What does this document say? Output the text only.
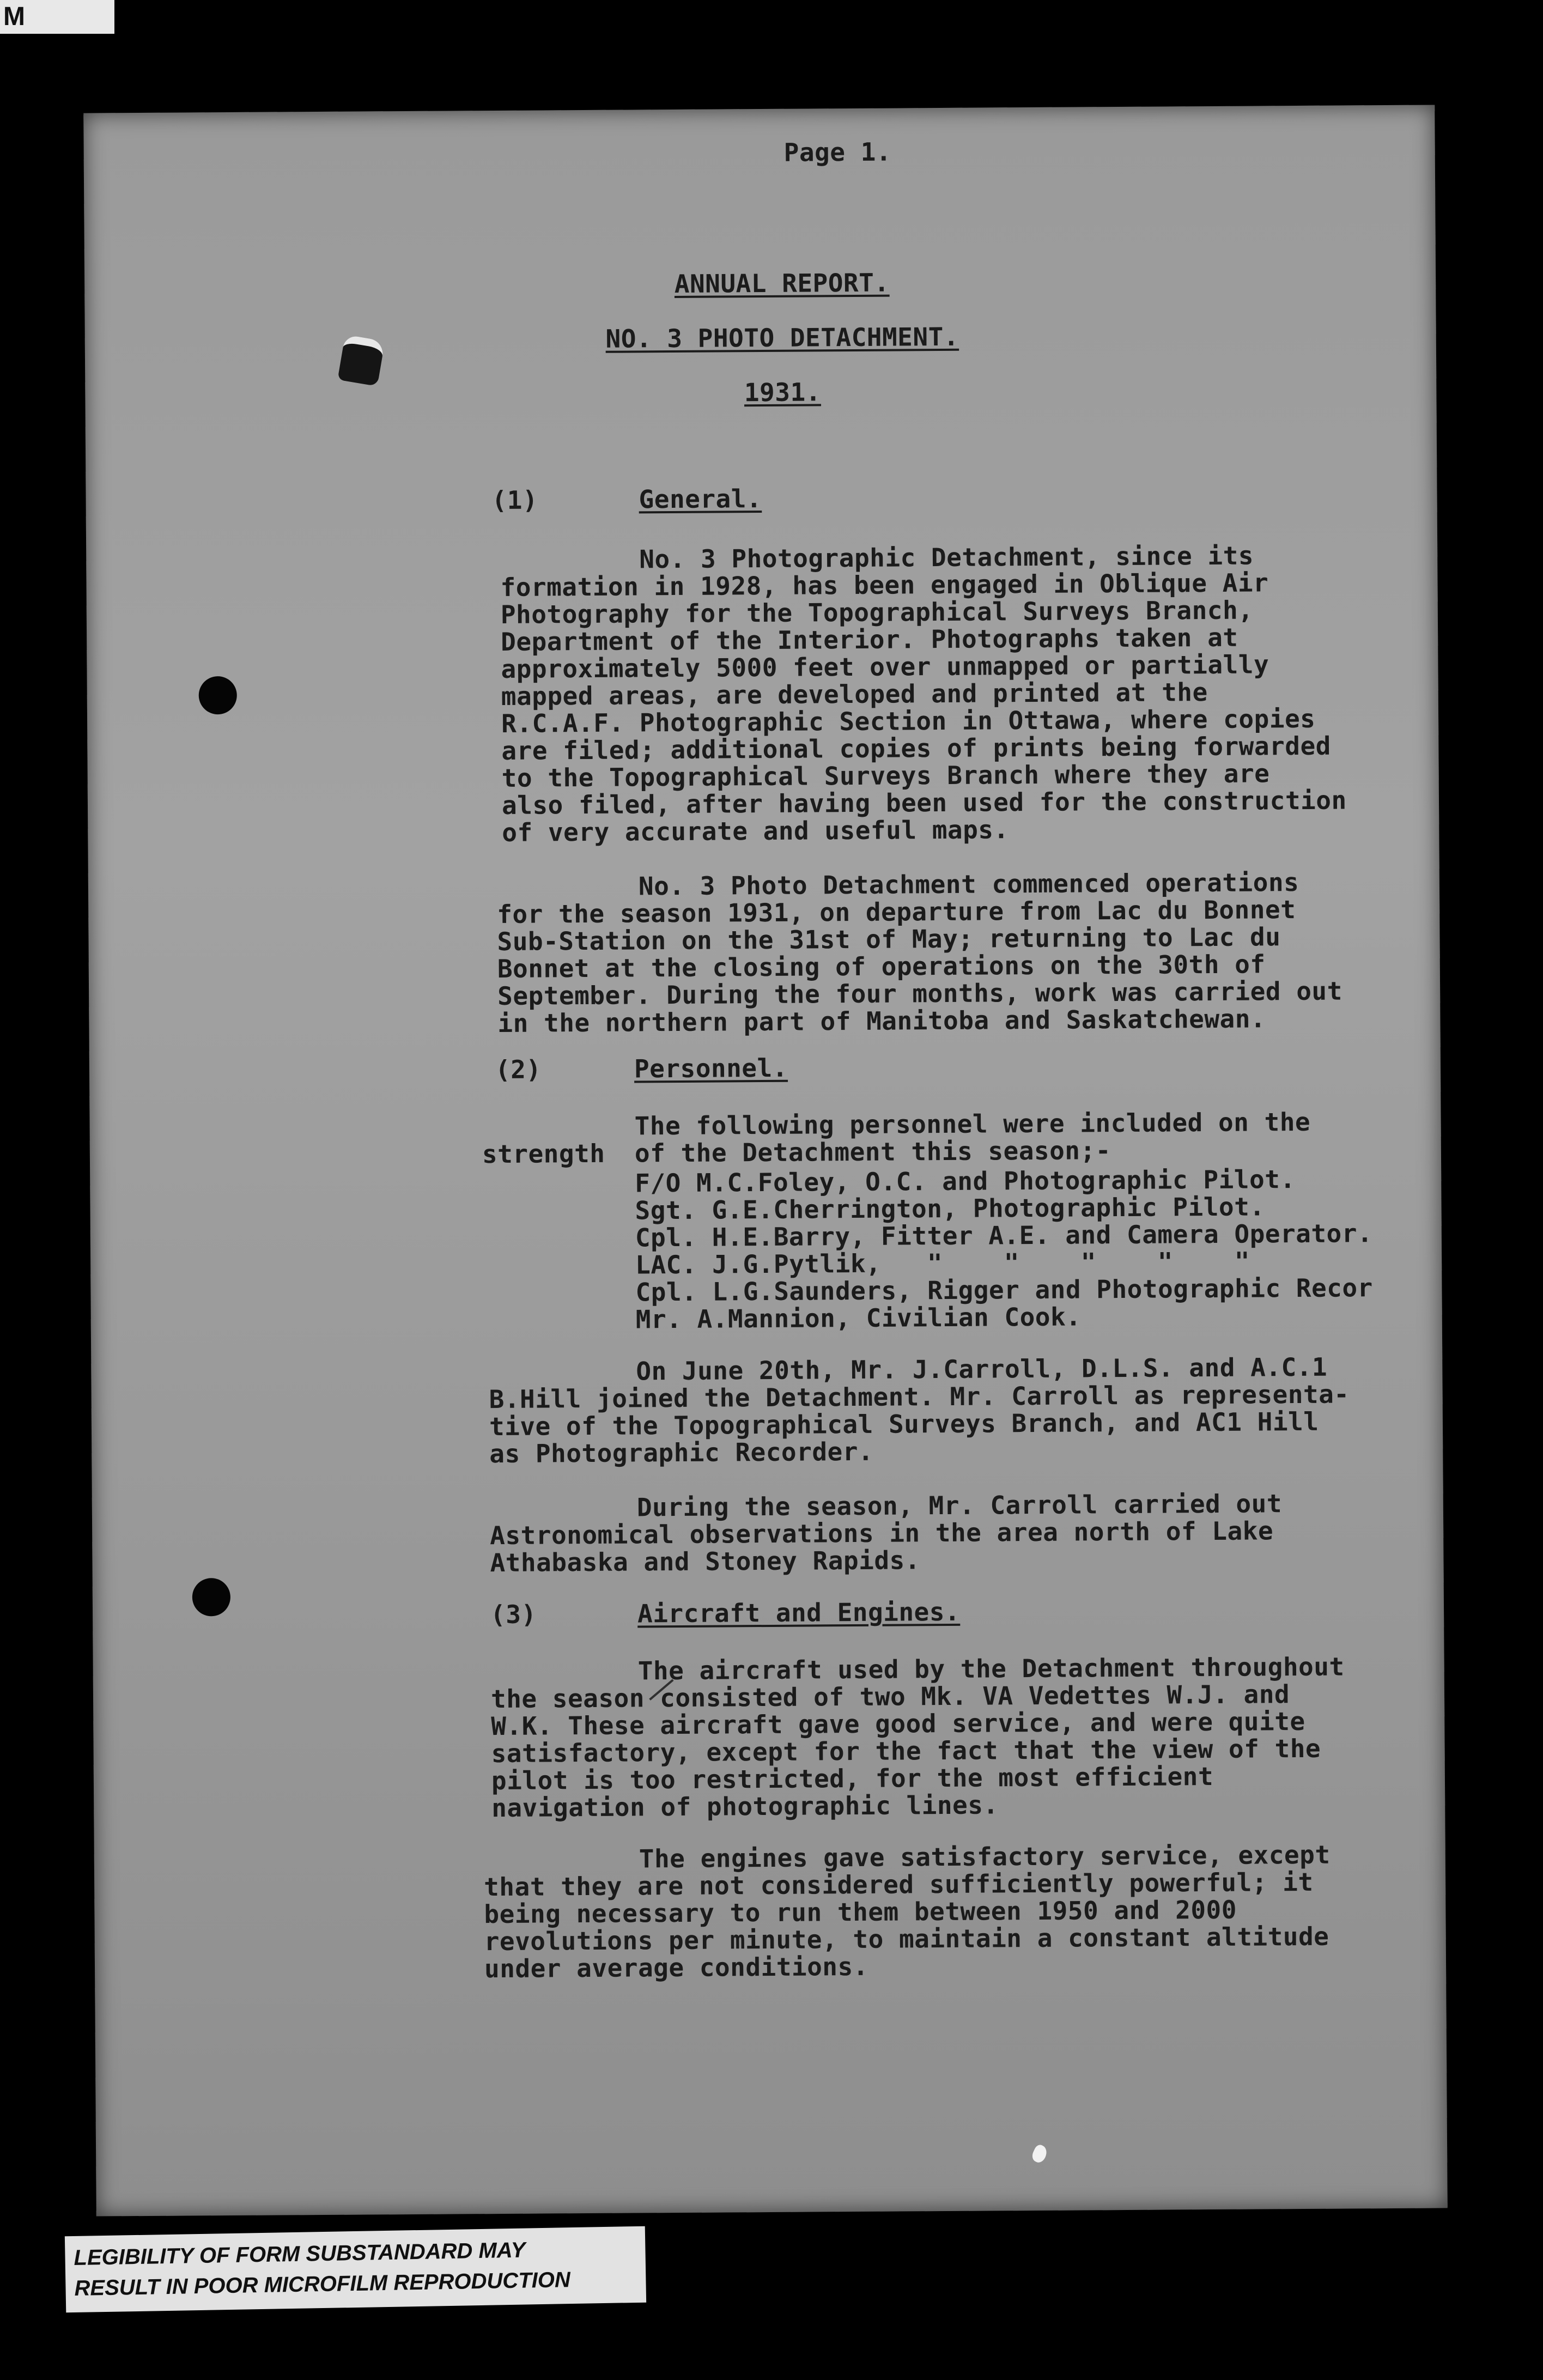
M
Page 1.
ANNUAL REPORT.
NO. 3 PHOTO DETACHMENT.
1931.
(1)	General.
No. 3 Photographic Detachment, since its
formation in 1928, has been engaged in Oblique Air
Photography for the Topographical Surveys Branch,
Department of the Interior. Photographs taken at
approximately 5000 feet over unmapped or partially
mapped areas, are developed and printed at the
R.C.A.F. Photographic Section in Ottawa, where copies
are filed; additional copies of prints being forwarded
to the Topographical Surveys Branch where they are
also filed, after having been used for the construction
of very accurate and useful maps.
No. 3 Photo Detachment commenced operations
for the season 1931, on departure from Lac du Bonnet
Sub-Station on the 31st of May; returning to Lac du
Bonnet at the closing of operations on the 30th of
September. During the four months, work was carried out
in the northern part of Manitoba and Saskatchewan.
(2)	Personnel.
The following personnel were included on the
strength of the Detachment this season;-
F/O M.C.Foley, O.C. and Photographic Pilot.
Sgt. G.E.Cherrington, Photographic Pilot.
Cpl. H.E.Barry, Fitter A.E. and Camera Operator.
LAC. J.G.Pytlik,   "    "    "    "    "
Cpl. L.G.Saunders, Rigger and Photographic Recor
Mr. A.Mannion, Civilian Cook.
On June 20th, Mr. J.Carroll, D.L.S. and A.C.1
B.Hill joined the Detachment. Mr. Carroll as representa-
tive of the Topographical Surveys Branch, and AC1 Hill
as Photographic Recorder.
During the season, Mr. Carroll carried out
Astronomical observations in the area north of Lake
Athabaska and Stoney Rapids.
(3)	Aircraft and Engines.
The aircraft used by the Detachment throughout
the season consisted of two Mk. VA Vedettes W.J. and
W.K. These aircraft gave good service, and were quite
satisfactory, except for the fact that the view of the
pilot is too restricted, for the most efficient
navigation of photographic lines.
The engines gave satisfactory service, except
that they are not considered sufficiently powerful; it
being necessary to run them between 1950 and 2000
revolutions per minute, to maintain a constant altitude
under average conditions.
LEGIBILITY OF FORM SUBSTANDARD MAY
RESULT IN POOR MICROFILM REPRODUCTION
